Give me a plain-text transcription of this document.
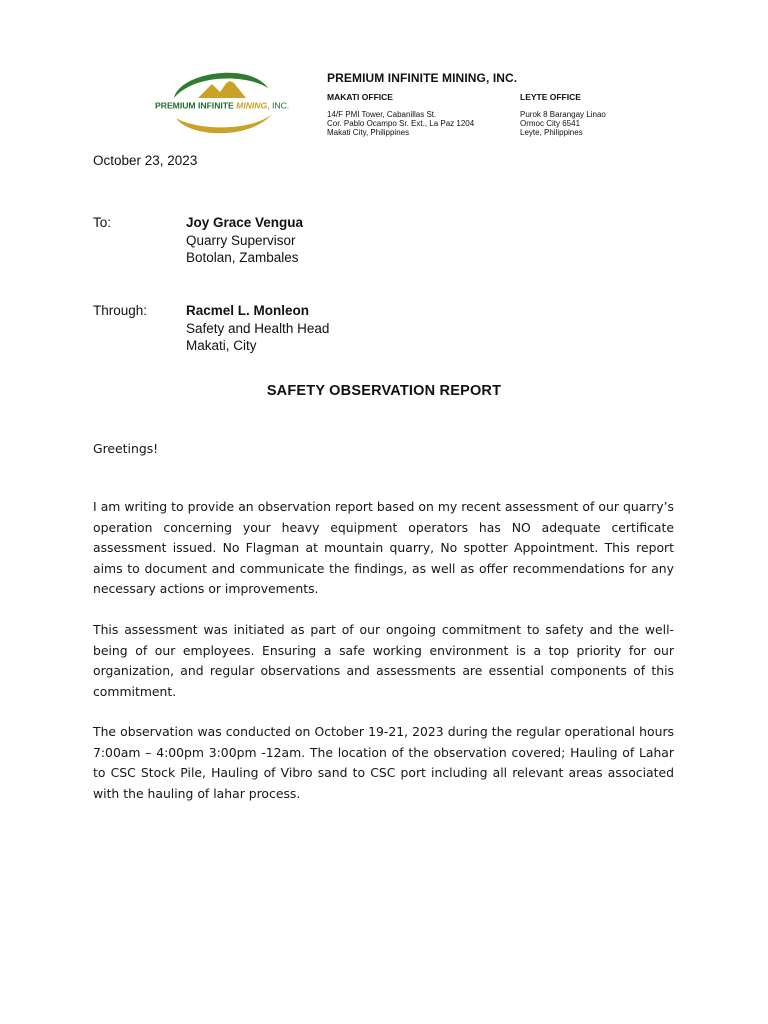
PREMIUM INFINITE MINING, INC.
PREMIUM INFINITE MINING, INC.
MAKATI OFFICE
14/F PMI Tower, Cabanillas St.
Cor. Pablo Ocampo Sr. Ext., La Paz 1204
Makati City, Philippines
LEYTE OFFICE
Purok 8 Barangay Linao
Ormoc City 6541
Leyte, Philippines
October 23, 2023
To:	Joy Grace Vengua
Quarry Supervisor
Botolan, Zambales
Through:	Racmel L. Monleon
Safety and Health Head
Makati, City
SAFETY OBSERVATION REPORT

Greetings!

I am writing to provide an observation report based on my recent assessment of our quarry’s operation concerning your heavy equipment operators has NO adequate certificate assessment issued. No Flagman at mountain quarry, No spotter Appointment. This report aims to document and communicate the findings, as well as offer recommendations for any necessary actions or improvements.

This assessment was initiated as part of our ongoing commitment to safety and the well-being of our employees. Ensuring a safe working environment is a top priority for our organization, and regular observations and assessments are essential components of this commitment.

The observation was conducted on October 19-21, 2023 during the regular operational hours 7:00am – 4:00pm 3:00pm -12am. The location of the observation covered; Hauling of Lahar to CSC Stock Pile, Hauling of Vibro sand to CSC port including all relevant areas associated with the hauling of lahar process.
